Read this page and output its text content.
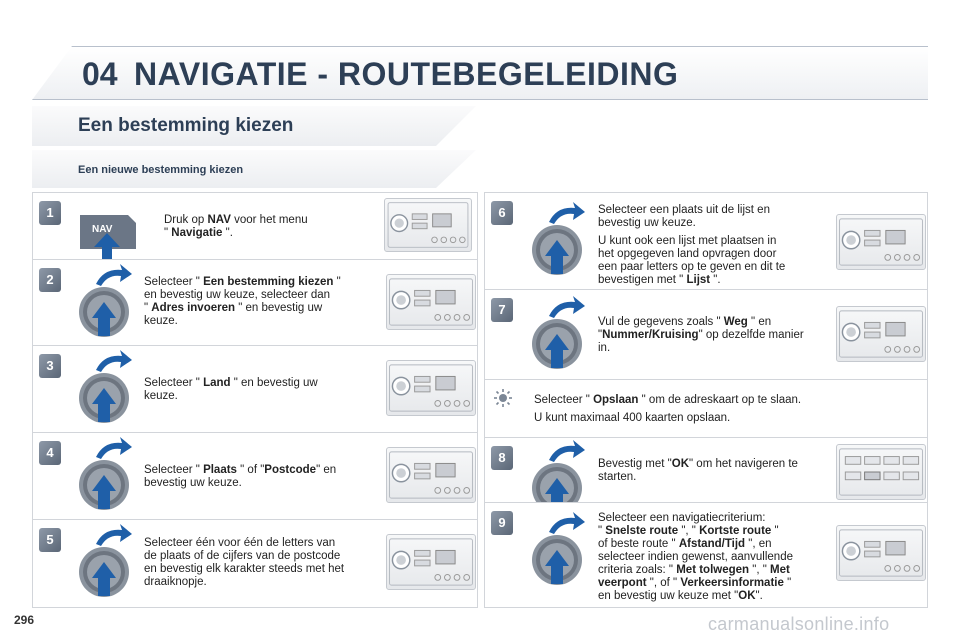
04 NAVIGATIE - ROUTEBEGELEIDING
Een bestemming kiezen
Een nieuwe bestemming kiezen
1
NAV
Druk op NAV voor het menu
" Navigatie ".
2	Selecteer " Een bestemming kiezen "
en bevestig uw keuze, selecteer dan
" Adres invoeren " en bevestig uw
keuze.
3
Selecteer " Land " en bevestig uw
keuze.
4
Selecteer " Plaats " of "Postcode" en
bevestig uw keuze.
5	Selecteer één voor één de letters van
de plaats of de cijfers van de postcode
en bevestig elk karakter steeds met het
draaiknopje.
6	Selecteer een plaats uit de lijst en
bevestig uw keuze.

U kunt ook een lijst met plaatsen in
het opgegeven land opvragen door
een paar letters op te geven en dit te
bevestigen met " Lijst ".

7
Vul de gegevens zoals " Weg " en
"Nummer/Kruising" op dezelfde manier
in.

Selecteer " Opslaan " om de adreskaart op te slaan.

U kunt maximaal 400 kaarten opslaan.

8	Bevestig met "OK" om het navigeren te
starten.
9	Selecteer een navigatiecriterium:
" Snelste route ", " Kortste route "
of beste route " Afstand/Tijd ", en
selecteer indien gewenst, aanvullende
criteria zoals: " Met tolwegen ", " Met
veerpont ", of " Verkeersinformatie "
en bevestig uw keuze met "OK".
296	carmanualsonline.info
